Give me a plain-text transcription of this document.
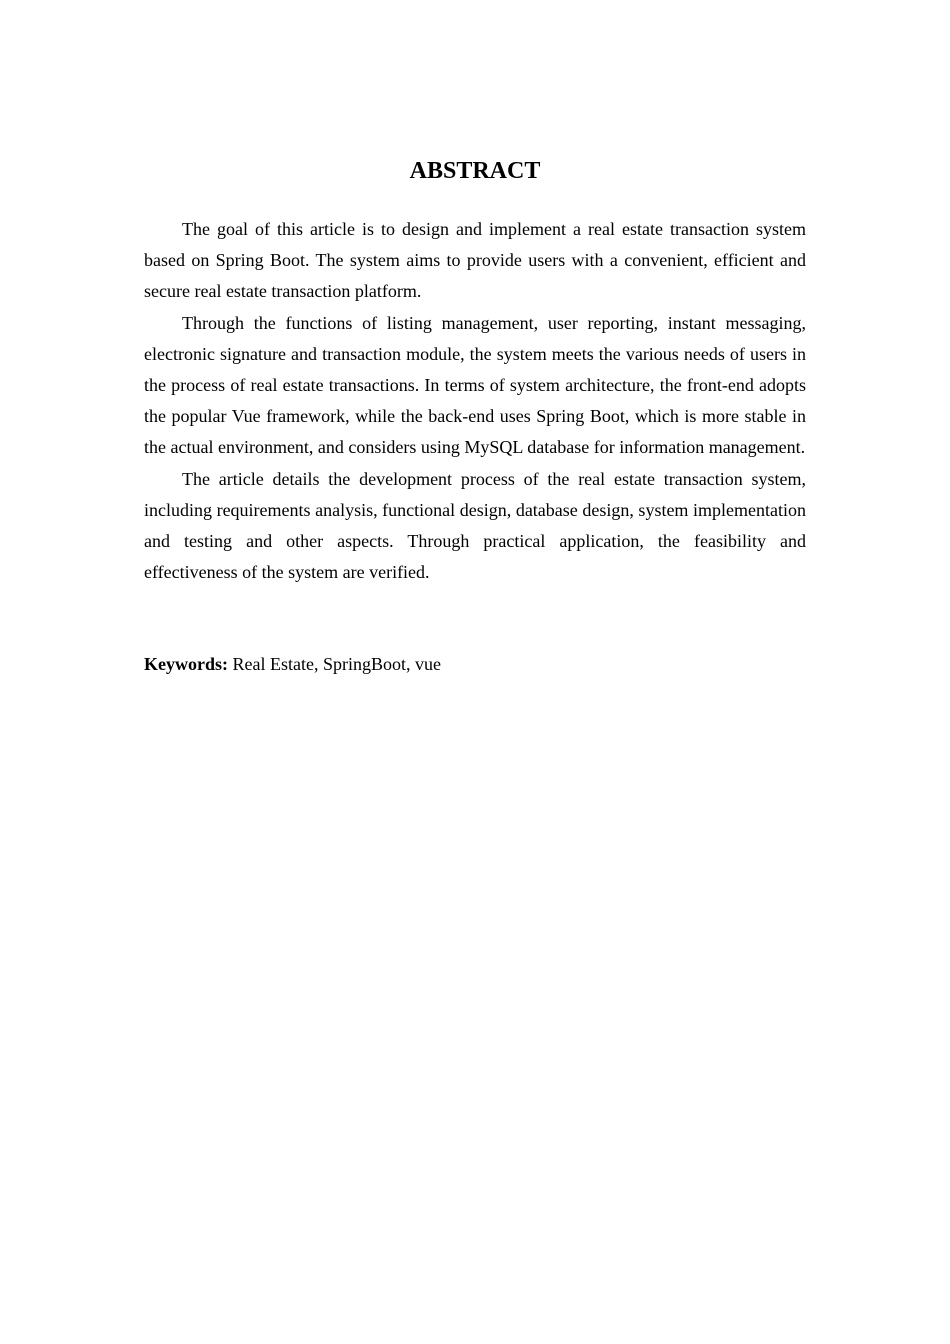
ABSTRACT

The goal of this article is to design and implement a real estate transaction system based on Spring Boot. The system aims to provide users with a convenient, efficient and secure real estate transaction platform.

Through the functions of listing management, user reporting, instant messaging, electronic signature and transaction module, the system meets the various needs of users in the process of real estate transactions. In terms of system architecture, the front-end adopts the popular Vue framework, while the back-end uses Spring Boot, which is more stable in the actual environment, and considers using MySQL database for information management.

The article details the development process of the real estate transaction system, including requirements analysis, functional design, database design, system implementation and testing and other aspects. Through practical application, the feasibility and effectiveness of the system are verified.

Keywords: Real Estate, SpringBoot, vue
